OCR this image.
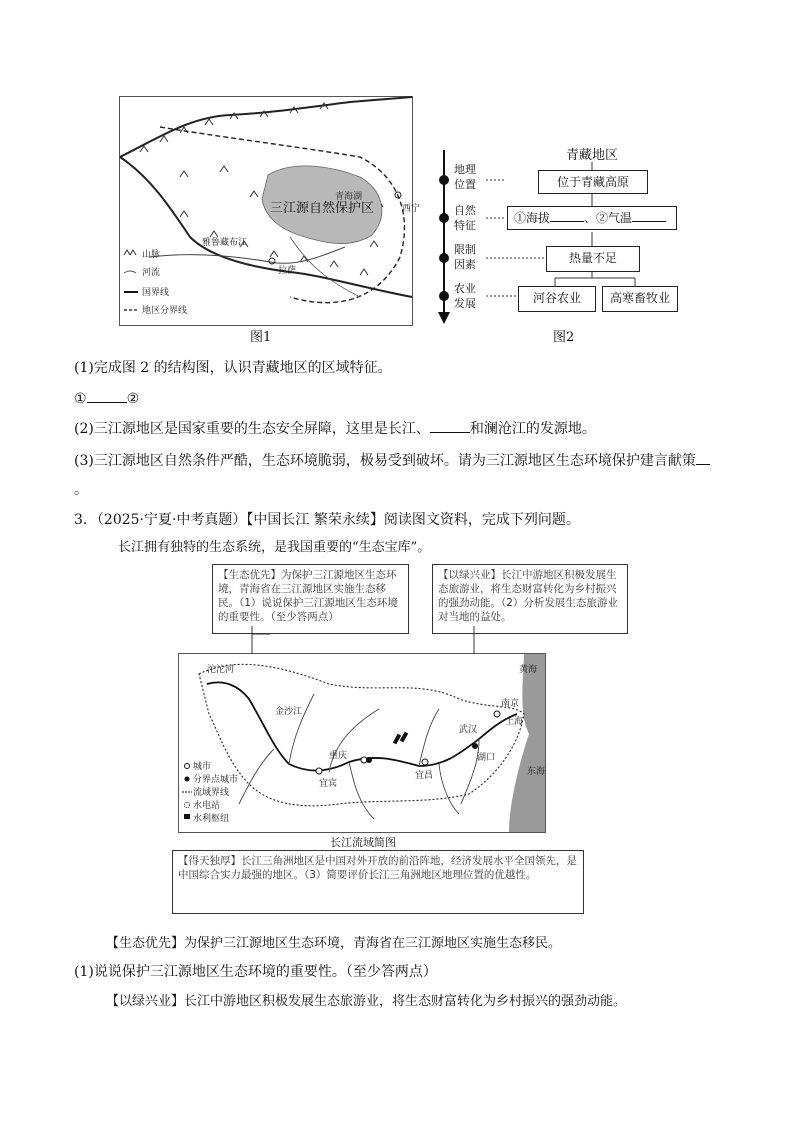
青海湖
西宁
三江源自然保护区
雅鲁藏布江
拉萨
山脉
河流
国界线
地区分界线
图1
青藏地区
地理位置
自然特征
限制因素
农业发展
位于青藏高原
①海拔	、②气温
热量不足
河谷农业	高寒畜牧业
图2
(1)完成图 2 的结构图，认识青藏地区的区域特征。
①	②
(2)三江源地区是国家重要的生态安全屏障，这里是长江、	和澜沧江的发源地。
(3)三江源地区自然条件严酷，生态环境脆弱，极易受到破坏。请为三江源地区生态环境保护建言献策
。
3．（2025·宁夏·中考真题）【中国长江 繁荣永续】阅读图文资料，完成下列问题。
长江拥有独特的生态系统，是我国重要的“生态宝库”。
【生态优先】为保护三江源地区生态环境，青海省在三江源地区实施生态移民。（1）说说保护三江源地区生态环境的重要性。（至少答两点）
【以绿兴业】长江中游地区积极发展生态旅游业，将生态财富转化为乡村振兴的强劲动能。（2）分析发展生态旅游业对当地的益处。
沱沱河
金沙江
重庆
宜宾
宜昌
武汉
湖口
南京
上海
黄海
东海
城市
分界点城市
流域界线
水电站
水利枢纽
长江流域简图
【得天独厚】长江三角洲地区是中国对外开放的前沿阵地，经济发展水平全国领先，是中国综合实力最强的地区。（3）简要评价长江三角洲地区地理位置的优越性。
【生态优先】为保护三江源地区生态环境，青海省在三江源地区实施生态移民。
(1)说说保护三江源地区生态环境的重要性。（至少答两点）
【以绿兴业】长江中游地区积极发展生态旅游业，将生态财富转化为乡村振兴的强劲动能。
